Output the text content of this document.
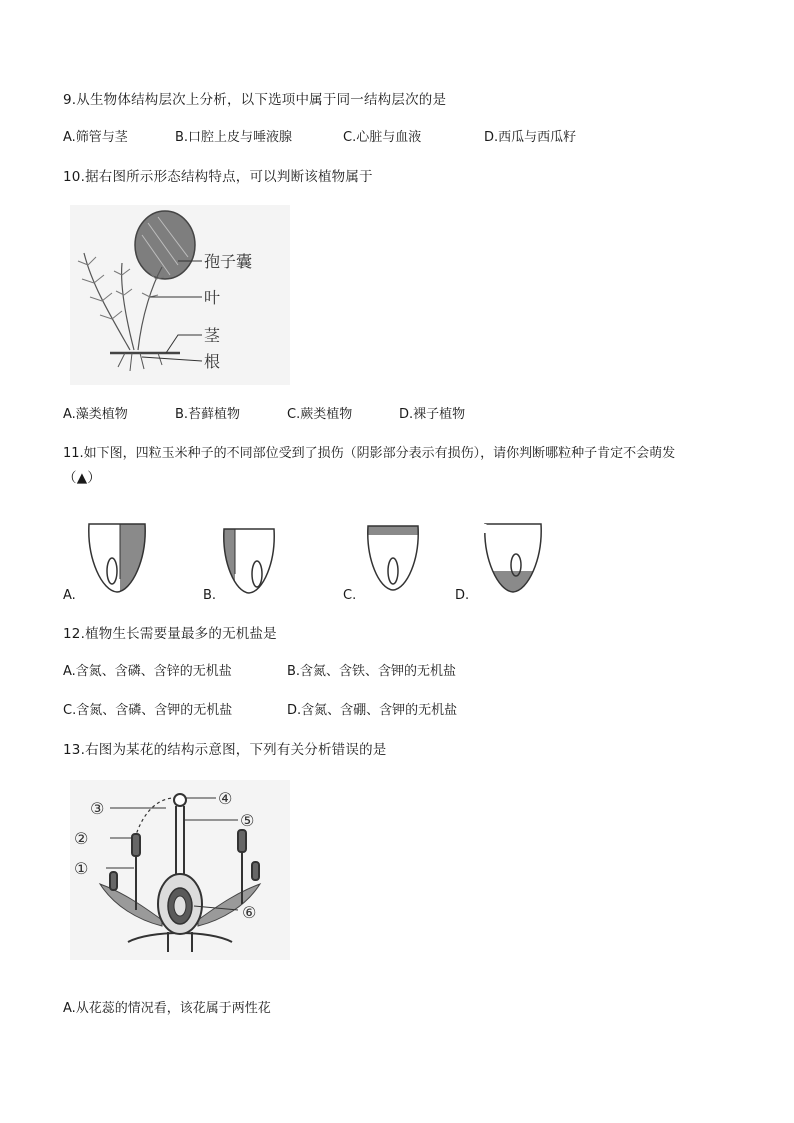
9.从生物体结构层次上分析，以下选项中属于同一结构层次的是
A.筛管与茎	B.口腔上皮与唾液腺	C.心脏与血液	D.西瓜与西瓜籽
10.据右图所示形态结构特点，可以判断该植物属于
孢子囊
叶
茎
根
A.藻类植物	B.苔藓植物	C.蕨类植物	D.裸子植物
11.如下图，四粒玉米种子的不同部位受到了损伤（阴影部分表示有损伤），请你判断哪粒种子肯定不会萌发
（▲）
A.	B.	C.	D.
12.植物生长需要量最多的无机盐是
A.含氮、含磷、含锌的无机盐	B.含氮、含铁、含钾的无机盐
C.含氮、含磷、含钾的无机盐	D.含氮、含硼、含钾的无机盐
13.右图为某花的结构示意图，下列有关分析错误的是
③
②
①
④
⑤
⑥
A.从花蕊的情况看，该花属于两性花
